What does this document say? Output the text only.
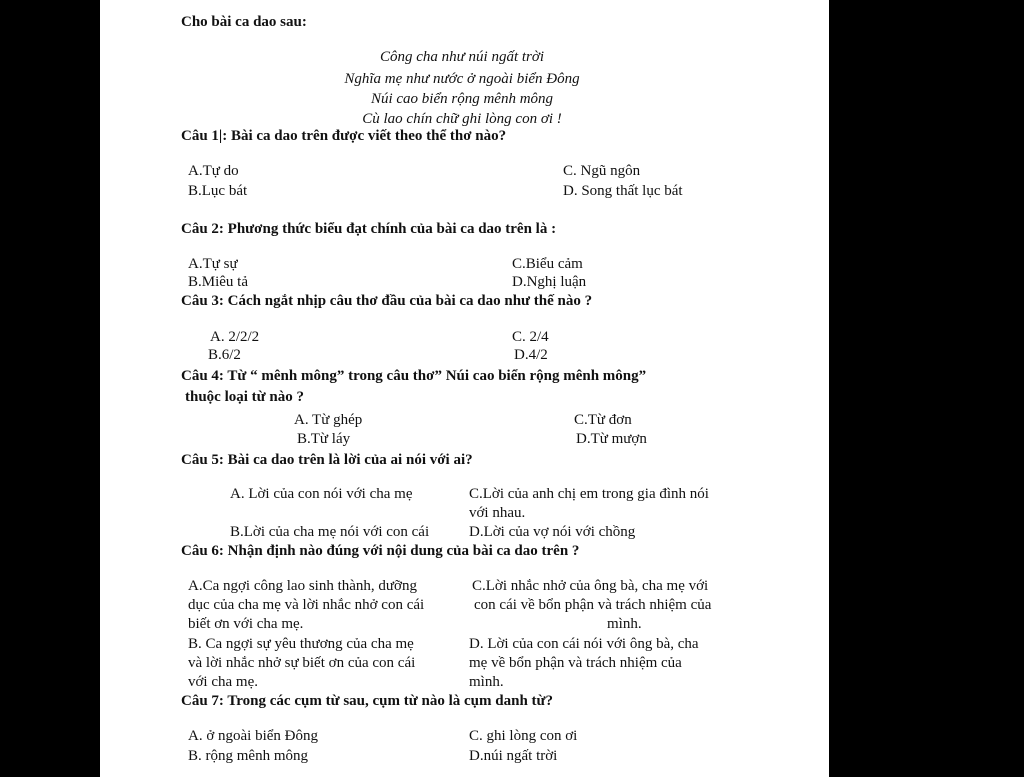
Cho bài ca dao sau:
Công cha như núi ngất trời
Nghĩa mẹ như nước ở ngoài biển Đông
Núi cao biển rộng mênh mông
Cù lao chín chữ ghi lòng con ơi !
Câu 1|: Bài ca dao trên được viết theo thể thơ nào?
A.Tự do
B.Lục bát
C. Ngũ ngôn
D. Song thất lục bát
Câu 2: Phương thức biểu đạt chính của bài ca dao trên là :
A.Tự sự
B.Miêu tả
C.Biểu cảm
D.Nghị luận
Câu 3: Cách ngắt nhịp câu thơ đầu của bài ca dao như thế nào ?
A. 2/2/2
B.6/2
C. 2/4
D.4/2
Câu 4: Từ “ mênh mông” trong câu thơ” Núi cao biển rộng mênh mông”
thuộc loại từ nào ?
A. Từ ghép
B.Từ láy
C.Từ đơn
D.Từ mượn
Câu 5: Bài ca dao trên là lời của ai nói với ai?
A. Lời của con nói với cha mẹ	C.Lời của anh chị em trong gia đình nói
với nhau.
B.Lời của cha mẹ nói với con cái	D.Lời của vợ nói với chồng
Câu 6: Nhận định nào đúng với nội dung của bài ca dao trên ?
A.Ca ngợi công lao sinh thành, dưỡng
dục của cha mẹ và lời nhắc nhở con cái
biết ơn với cha mẹ.
C.Lời nhắc nhở của ông bà, cha mẹ với
con cái về bổn phận và trách nhiệm của
mình.
B. Ca ngợi sự yêu thương của cha mẹ
và lời nhắc nhở sự biết ơn của con cái
với cha mẹ.
D. Lời của con cái nói với ông bà, cha
mẹ về bổn phận và trách nhiệm của
mình.
Câu 7: Trong các cụm từ sau, cụm từ nào là cụm danh từ?
A. ở ngoài biển Đông
B. rộng mênh mông
C. ghi lòng con ơi
D.núi ngất trời
